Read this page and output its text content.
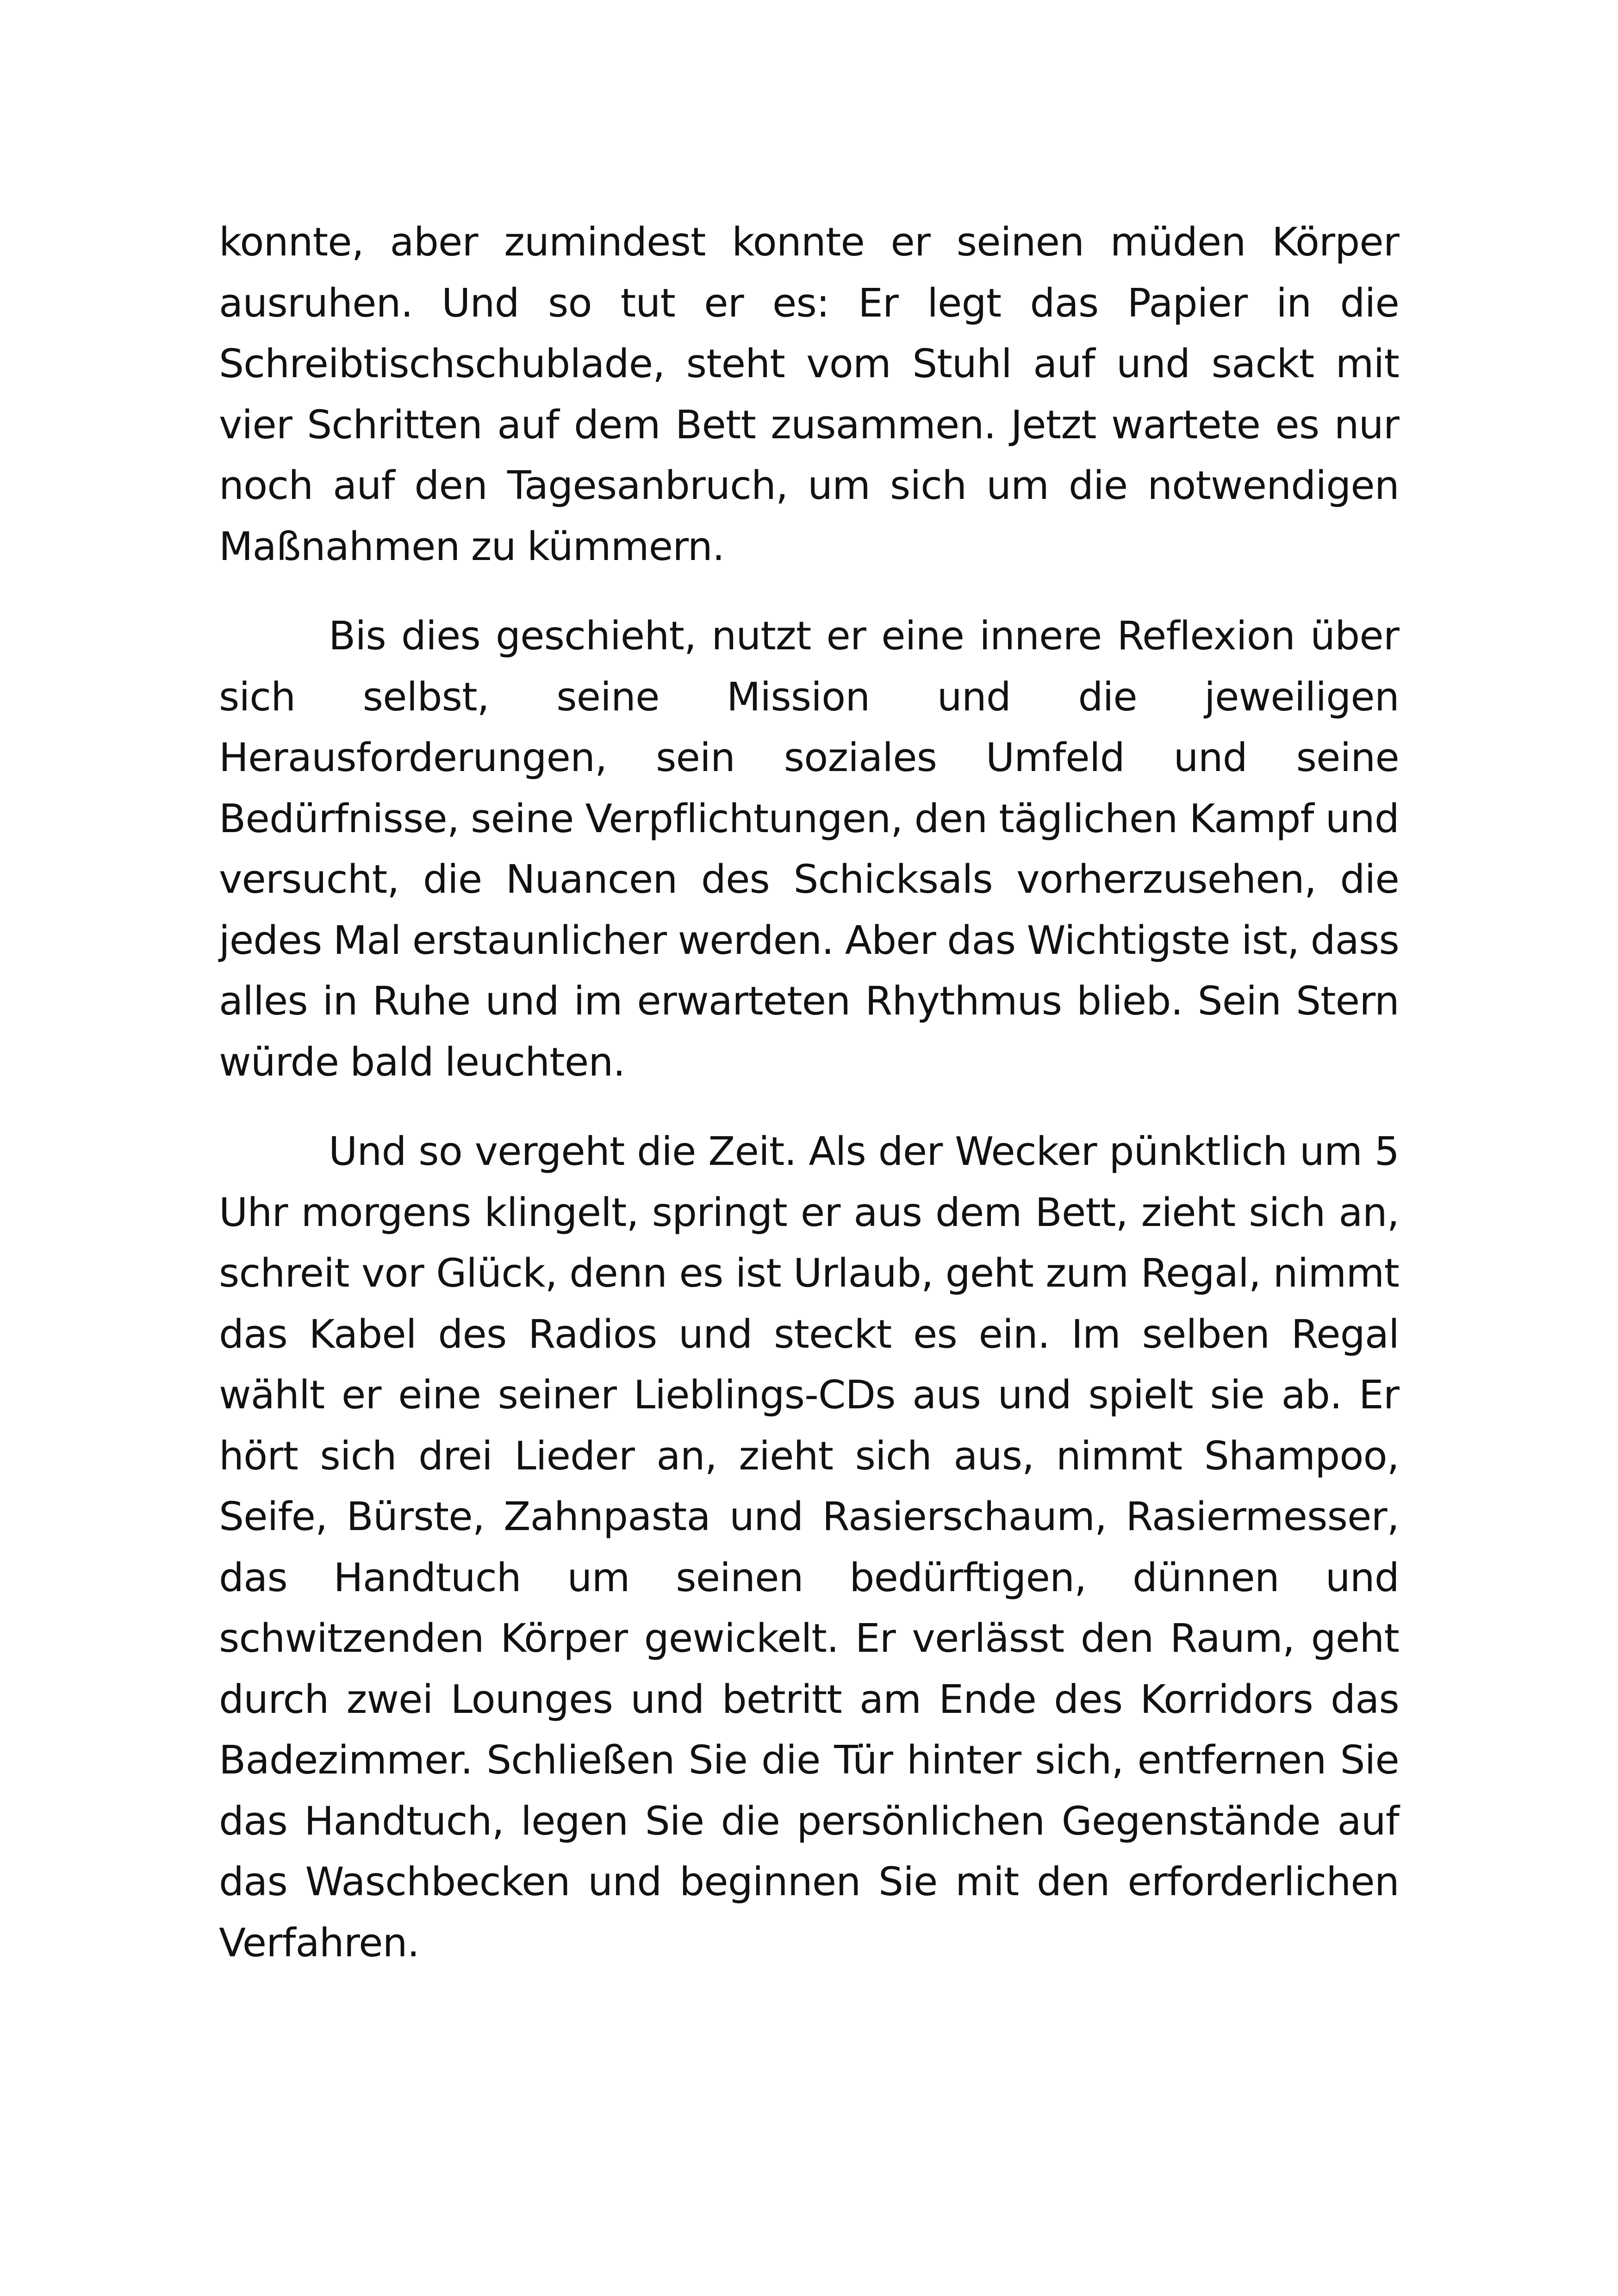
konnte, aber zumindest konnte er seinen müden Körper ausruhen. Und so tut er es: Er legt das Papier in die Schreibtischschublade, steht vom Stuhl auf und sackt mit vier Schritten auf dem Bett zusammen. Jetzt wartete es nur noch auf den Tagesanbruch, um sich um die notwendigen Maßnahmen zu kümmern.

Bis dies geschieht, nutzt er eine innere Reflexion über sich selbst, seine Mission und die jeweiligen Herausforderungen, sein soziales Umfeld und seine Bedürfnisse, seine Verpflichtungen, den täglichen Kampf und versucht, die Nuancen des Schicksals vorherzusehen, die jedes Mal erstaunlicher werden. Aber das Wichtigste ist, dass alles in Ruhe und im erwarteten Rhythmus blieb. Sein Stern würde bald leuchten.

Und so vergeht die Zeit. Als der Wecker pünktlich um 5 Uhr morgens klingelt, springt er aus dem Bett, zieht sich an, schreit vor Glück, denn es ist Urlaub, geht zum Regal, nimmt das Kabel des Radios und steckt es ein. Im selben Regal wählt er eine seiner Lieblings-CDs aus und spielt sie ab. Er hört sich drei Lieder an, zieht sich aus, nimmt Shampoo, Seife, Bürste, Zahnpasta und Rasierschaum, Rasiermesser, das Handtuch um seinen bedürftigen, dünnen und schwitzenden Körper gewickelt. Er verlässt den Raum, geht durch zwei Lounges und betritt am Ende des Korridors das Badezimmer. Schließen Sie die Tür hinter sich, entfernen Sie das Handtuch, legen Sie die persönlichen Gegenstände auf das Waschbecken und beginnen Sie mit den erforderlichen Verfahren.
